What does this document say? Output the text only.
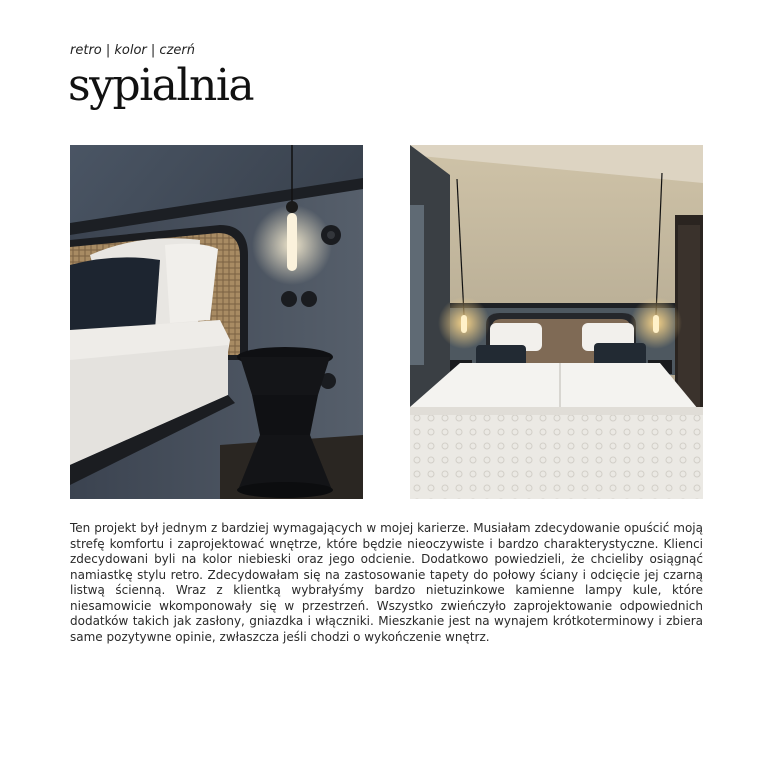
retro | kolor | czerń
sypialnia

Ten projekt był jednym z bardziej wymagających w mojej karierze. Musiałam zdecydowanie opuścić moją strefę komfortu i zaprojektować wnętrze, które będzie nieoczywiste i bardzo charakterystyczne. Klienci zdecydowani byli na kolor niebieski oraz jego odcienie. Dodatkowo powiedzieli, że chcieliby osiągnąć namiastkę stylu retro. Zdecydowałam się na zastosowanie tapety do połowy ściany i odcięcie jej czarną listwą ścienną. Wraz z klientką wybrałyśmy bardzo nietuzinkowe kamienne lampy kule, które niesamowicie wkomponowały się w przestrzeń. Wszystko zwieńczyło zaprojektowanie odpowiednich dodatków takich jak zasłony, gniazdka i włączniki. Mieszkanie jest na wynajem krótkoterminowy i zbiera same pozytywne opinie, zwłaszcza jeśli chodzi o wykończenie wnętrz.
